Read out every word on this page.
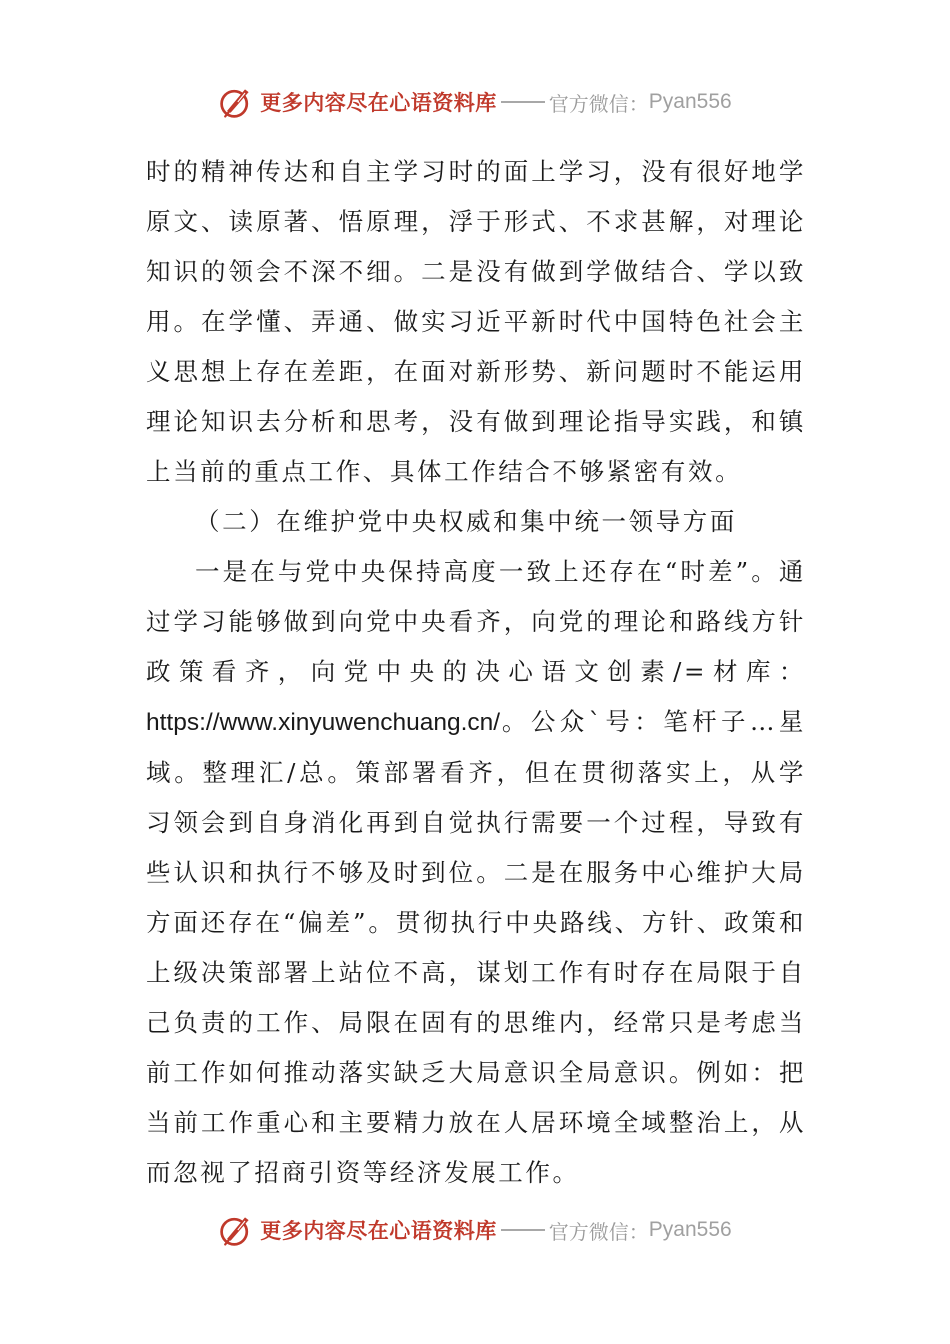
更多内容尽在心语资料库	官方微信： Pyan556

时的精神传达和自主学习时的面上学习，没有很好地学原文、读原著、悟原理，浮于形式、不求甚解，对理论知识的领会不深不细。二是没有做到学做结合、学以致用。在学懂、弄通、做实习近平新时代中国特色社会主义思想上存在差距，在面对新形势、新问题时不能运用理论知识去分析和思考，没有做到理论指导实践，和镇上当前的重点工作、具体工作结合不够紧密有效。

（二）在维护党中央权威和集中统一领导方面

一是在与党中央保持高度一致上还存在“时差”。通过学习能够做到向党中央看齐，向党的理论和路线方针政策看齐，向党中央的决心语文创素/=材库：https://www.xinyuwenchuang.cn/。公众`号：笔杆子…星域。整理汇/总。策部署看齐，但在贯彻落实上，从学习领会到自身消化再到自觉执行需要一个过程，导致有些认识和执行不够及时到位。二是在服务中心维护大局方面还存在“偏差”。贯彻执行中央路线、方针、政策和上级决策部署上站位不高，谋划工作有时存在局限于自己负责的工作、局限在固有的思维内，经常只是考虑当前工作如何推动落实缺乏大局意识全局意识。例如：把当前工作重心和主要精力放在人居环境全域整治上，从而忽视了招商引资等经济发展工作。

更多内容尽在心语资料库	官方微信： Pyan556
